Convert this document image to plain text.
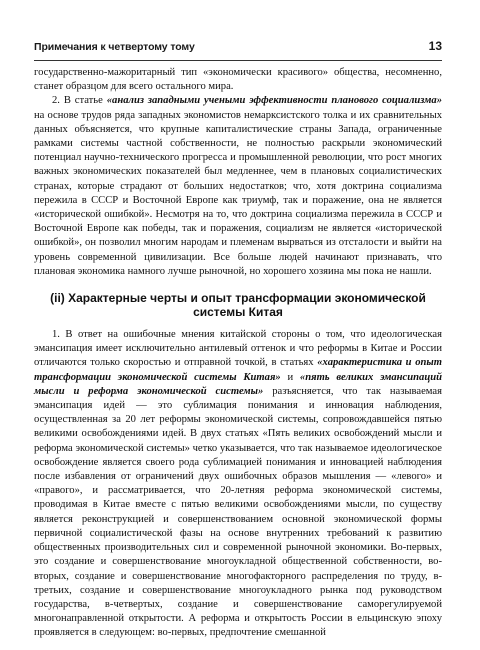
Примечания к четвертому тому	13

государственно-мажоритарный тип «экономически красивого» общества, несомненно, станет образцом для всего остального мира.

2. В статье «анализ западными учеными эффективности планового социализма» на основе трудов ряда западных экономистов немарксистского толка и их сравнительных данных объясняется, что крупные капиталистические страны Запада, ограниченные рамками системы частной собственности, не полностью раскрыли экономический потенциал научно-технического прогресса и промышленной революции, что рост многих важных экономических показателей был медленнее, чем в плановых социалистических странах, которые страдают от больших недостатков; что, хотя доктрина социализма пережила в СССР и Восточной Европе как триумф, так и поражение, она не является «исторической ошибкой». Несмотря на то, что доктрина социализма пережила в СССР и Восточной Европе как победы, так и поражения, социализм не является «исторической ошибкой», он позволил многим народам и племенам вырваться из отсталости и выйти на уровень современной цивилизации. Все больше людей начинают признавать, что плановая экономика намного лучше рыночной, но хорошего хозяина мы пока не нашли.

(ii) Характерные черты и опыт трансформации экономической системы Китая

1. В ответ на ошибочные мнения китайской стороны о том, что идеологическая эмансипация имеет исключительно антилевый оттенок и что реформы в Китае и России отличаются только скоростью и отправной точкой, в статьях «характеристика и опыт трансформации экономической системы Китая» и «пять великих эмансипаций мысли и реформа экономической системы» разъясняется, что так называемая эмансипация идей — это сублимация понимания и инновация наблюдения, осуществленная за 20 лет реформы экономической системы, сопровождавшейся пятью великими освобождениями идей. В двух статьях «Пять великих освобождений мысли и реформа экономической системы» четко указывается, что так называемое идеологическое освобождение является своего рода сублимацией понимания и инновацией наблюдения после избавления от ограничений двух ошибочных образов мышления — «левого» и «правого», и рассматривается, что 20-летняя реформа экономической системы, проводимая в Китае вместе с пятью великими освобождениями мысли, по существу является реконструкцией и совершенствованием основной экономической формы первичной социалистической фазы на основе внутренних требований к развитию общественных производительных сил и современной рыночной экономики. Во-первых, это создание и совершенствование многоукладной общественной собственности, во-вторых, создание и совершенствование многофакторного распределения по труду, в-третьих, создание и совершенствование многоукладного рынка под руководством государства, в-четвертых, создание и совершенствование саморегулируемой многонаправленной открытости. А реформа и открытость России в ельцинскую эпоху проявляется в следующем: во-первых, предпочтение смешанной
